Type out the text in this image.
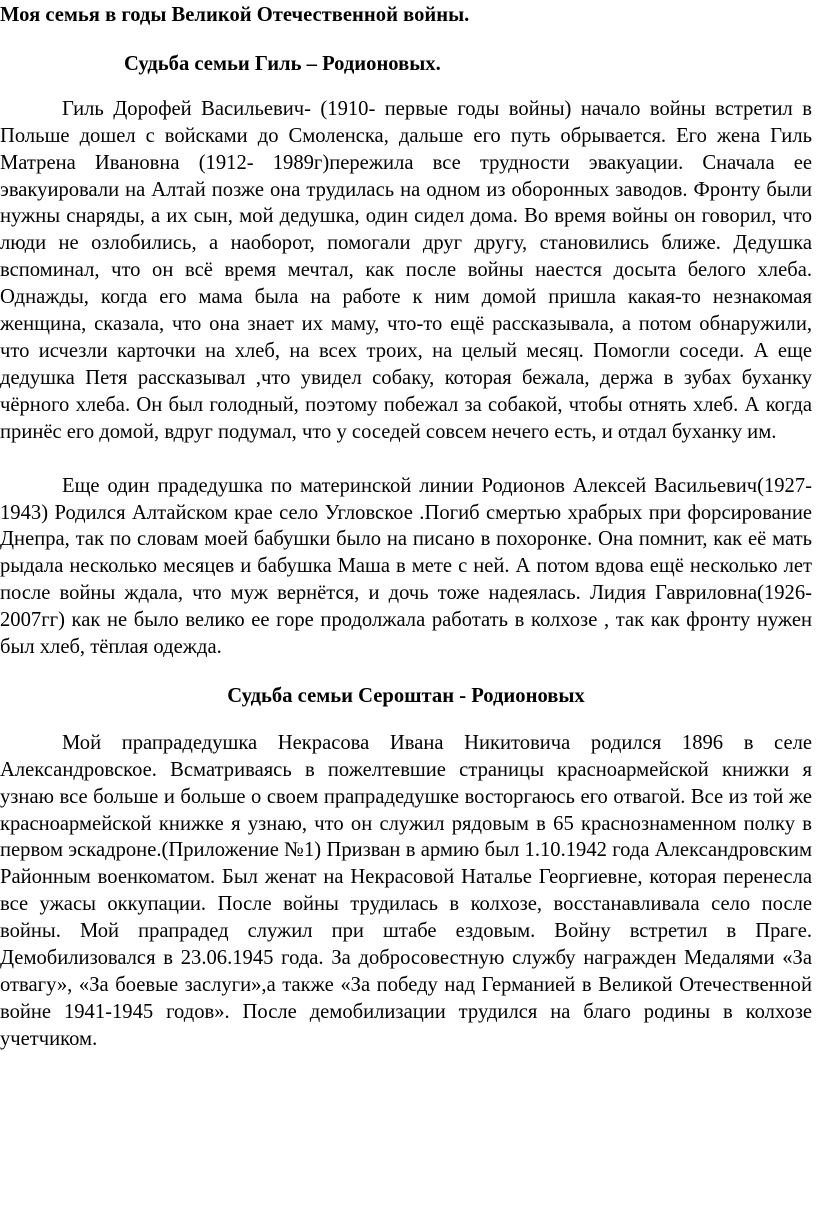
Моя семья в годы Великой Отечественной войны.
Судьба семьи Гиль – Родионовых.

Гиль Дорофей Васильевич- (1910- первые годы войны) начало войны встретил в Польше дошел с войсками до Смоленска, дальше его путь обрывается. Его жена Гиль Матрена Ивановна (1912- 1989г)пережила все трудности эвакуации. Сначала ее эвакуировали на Алтай позже она трудилась на одном из оборонных заводов. Фронту были нужны снаряды, а их сын, мой дедушка, один сидел дома. Во время войны он говорил, что люди не озлобились, а наоборот, помогали друг другу, становились ближе. Дедушка вспоминал, что он всё время мечтал, как после войны наестся досыта белого хлеба. Однажды, когда его мама была на работе к ним домой пришла какая-то незнакомая женщина, сказала, что она знает их маму, что-то ещё рассказывала, а потом обнаружили, что исчезли карточки на хлеб, на всех троих, на целый месяц. Помогли соседи. А еще дедушка Петя рассказывал ,что увидел собаку, которая бежала, держа в зубах буханку чёрного хлеба. Он был голодный, поэтому побежал за собакой, чтобы отнять хлеб. А когда принёс его домой, вдруг подумал, что у соседей совсем нечего есть, и отдал буханку им.

Еще один прадедушка по материнской линии Родионов Алексей Васильевич(1927-1943) Родился Алтайском крае село Угловское .Погиб смертью храбрых при форсирование Днепра, так по словам моей бабушки было на писано в похоронке. Она помнит, как её мать рыдала несколько месяцев и бабушка Маша в мете с ней. А потом вдова ещё несколько лет после войны ждала, что муж вернётся, и дочь тоже надеялась. Лидия Гавриловна(1926-2007гг) как не было велико ее горе продолжала работать в колхозе , так как фронту нужен был хлеб, тёплая одежда.

Судьба семьи Сероштан - Родионовых

Мой прапрадедушка Некрасова Ивана Никитовича родился 1896 в селе Александровское. Всматриваясь в пожелтевшие страницы красноармейской книжки я узнаю все больше и больше о своем прапрадедушке восторгаюсь его отвагой. Все из той же красноармейской книжке я узнаю, что он служил рядовым в 65 краснознаменном полку в первом эскадроне.(Приложение №1) Призван в армию был 1.10.1942 года Александровским Районным военкоматом. Был женат на Некрасовой Наталье Георгиевне, которая перенесла все ужасы оккупации. После войны трудилась в колхозе, восстанавливала село после войны. Мой прапрадед служил при штабе ездовым. Войну встретил в Праге. Демобилизовался в 23.06.1945 года. За добросовестную службу награжден Медалями «За отвагу», «За боевые заслуги»,а также «За победу над Германией в Великой Отечественной войне 1941-1945 годов». После демобилизации трудился на благо родины в колхозе учетчиком.
